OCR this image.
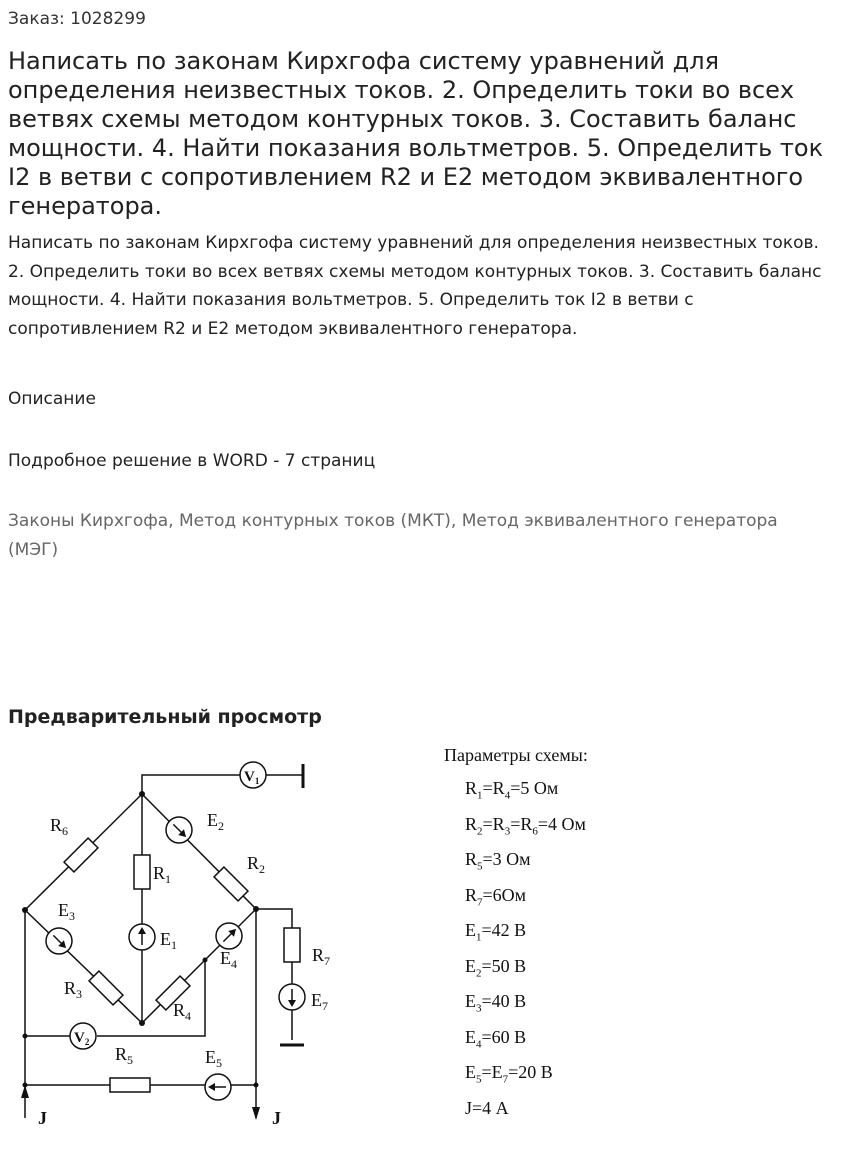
Заказ: 1028299
Написать по законам Кирхгофа систему уравнений для определения неизвестных токов. 2. Определить токи во всех ветвях схемы методом контурных токов. 3. Составить баланс мощности. 4. Найти показания вольтметров. 5. Определить ток I2 в ветви с сопротивлением R2 и E2 методом эквивалентного генератора.

Написать по законам Кирхгофа систему уравнений для определения неизвестных токов. 2. Определить токи во всех ветвях схемы методом контурных токов. 3. Составить баланс мощности. 4. Найти показания вольтметров. 5. Определить ток I2 в ветви с сопротивлением R2 и E2 методом эквивалентного генератора.

Описание
Подробное решение в WORD - 7 страниц
Законы Кирхгофа, Метод контурных токов (МКТ), Метод эквивалентного генератора (МЭГ)
Предварительный просмотр
$V_1$
$V_2$
$R_6$
$E_2$
$R_1$
$R_2$
$E_3$
$E_1$
$E_4$	$R_7$
$E_7$
$R_3$
$R_4$
$R_5$	$E_5$
J	J
Параметры схемы:
$R_1=R_4=5$ Ом
$R_2=R_3=R_6=4$ Ом
$R_5=3$ Ом
$R_7=6Ом$
$E_1=42$ В
$E_2=50$ В
$E_3=40$ В
$E_4=60$ В
$E_5=E_7=20$ В
J=4 А
